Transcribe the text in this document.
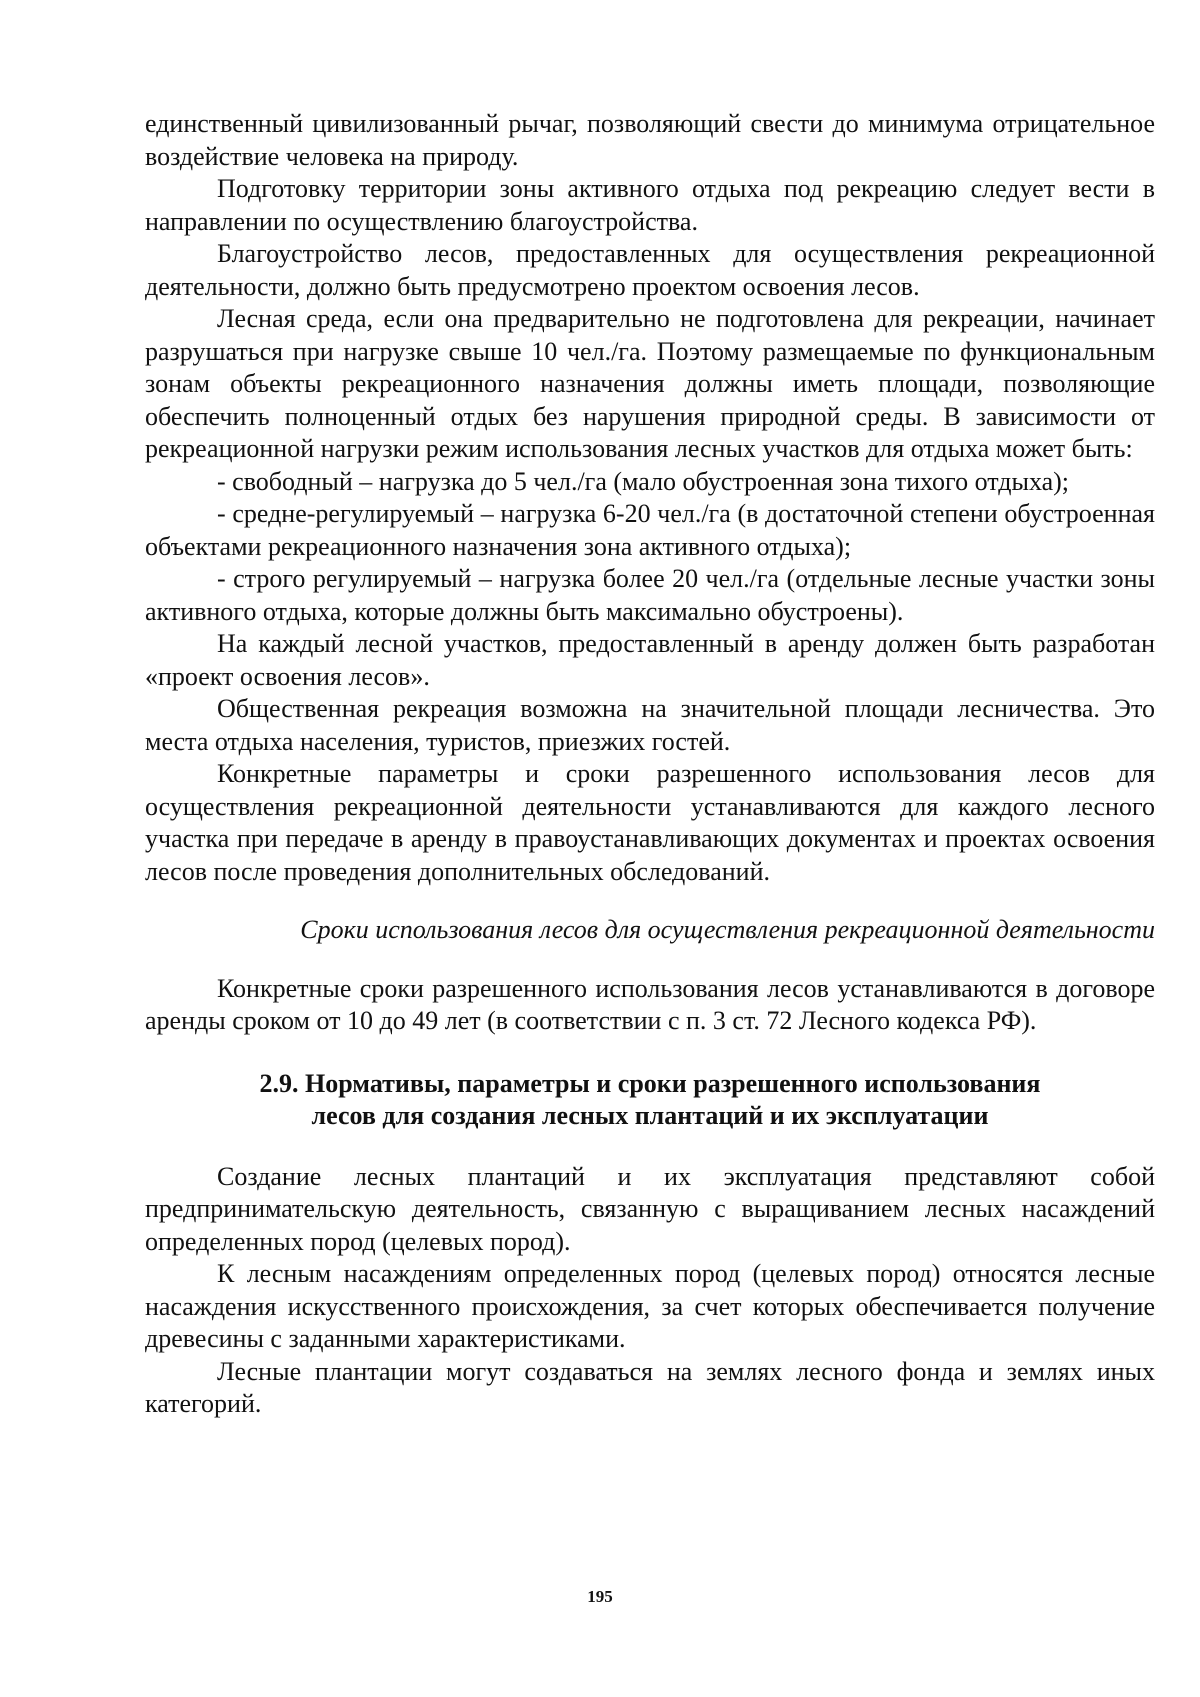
единственный цивилизованный рычаг, позволяющий свести до минимума отрицательное воздействие человека на природу.

Подготовку территории зоны активного отдыха под рекреацию следует вести в направлении по осуществлению благоустройства.

Благоустройство лесов, предоставленных для осуществления рекреационной деятельности, должно быть предусмотрено проектом освоения лесов.

Лесная среда, если она предварительно не подготовлена для рекреации, начинает разрушаться при нагрузке свыше 10 чел./га. Поэтому размещаемые по функциональным зонам объекты рекреационного назначения должны иметь площади, позволяющие обеспечить полноценный отдых без нарушения природной среды. В зависимости от рекреационной нагрузки режим использования лесных участков для отдыха может быть:

- свободный – нагрузка до 5 чел./га (мало обустроенная зона тихого отдыха);

- средне-регулируемый – нагрузка 6-20 чел./га (в достаточной степени обустроенная объектами рекреационного назначения зона активного отдыха);

- строго регулируемый – нагрузка более 20 чел./га (отдельные лесные участки зоны активного отдыха, которые должны быть максимально обустроены).

На каждый лесной участков, предоставленный в аренду должен быть разработан «проект освоения лесов».

Общественная рекреация возможна на значительной площади лесничества. Это места отдыха населения, туристов, приезжих гостей.

Конкретные параметры и сроки разрешенного использования лесов для осуществления рекреационной деятельности устанавливаются для каждого лесного участка при передаче в аренду в правоустанавливающих документах и проектах освоения лесов после проведения дополнительных обследований.

Сроки использования лесов для осуществления рекреационной деятельности

Конкретные сроки разрешенного использования лесов устанавливаются в договоре аренды сроком от 10 до 49 лет (в соответствии с п. 3 ст. 72 Лесного кодекса РФ).

2.9. Нормативы, параметры и сроки разрешенного использования
лесов для создания лесных плантаций и их эксплуатации

Создание лесных плантаций и их эксплуатация представляют собой предпринимательскую деятельность, связанную с выращиванием лесных насаждений определенных пород (целевых пород).

К лесным насаждениям определенных пород (целевых пород) относятся лесные насаждения искусственного происхождения, за счет которых обеспечивается получение древесины с заданными характеристиками.

Лесные плантации могут создаваться на землях лесного фонда и землях иных категорий.

195
